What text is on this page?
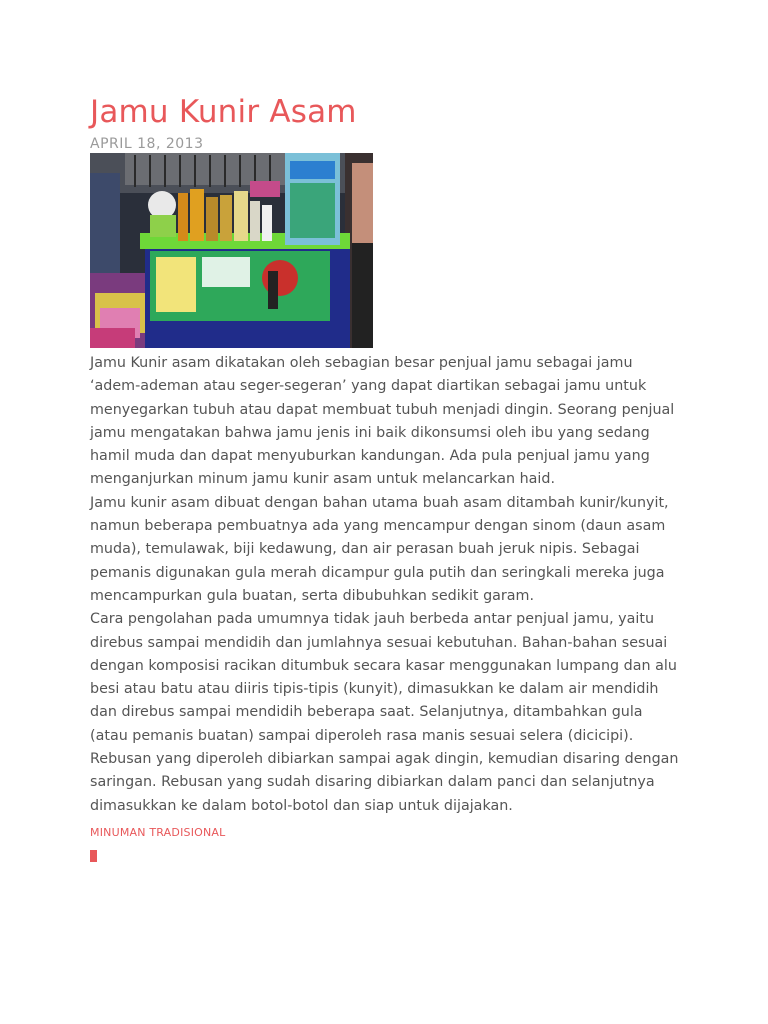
Jamu Kunir Asam
APRIL 18, 2013

Jamu Kunir asam dikatakan oleh sebagian besar penjual jamu sebagai jamu ‘adem-ademan atau seger-segeran’ yang dapat diartikan sebagai jamu untuk menyegarkan tubuh atau dapat membuat tubuh menjadi dingin. Seorang penjual jamu mengatakan bahwa jamu jenis ini baik dikonsumsi oleh ibu yang sedang hamil muda dan dapat menyuburkan kandungan. Ada pula penjual jamu yang menganjurkan minum jamu kunir asam untuk melancarkan haid.

Jamu kunir asam dibuat dengan bahan utama buah asam ditambah kunir/kunyit, namun beberapa pembuatnya ada yang mencampur dengan sinom (daun asam muda), temulawak, biji kedawung, dan air perasan buah jeruk nipis. Sebagai pemanis digunakan gula merah dicampur gula putih dan seringkali mereka juga mencampurkan gula buatan, serta dibubuhkan sedikit garam.

Cara pengolahan pada umumnya tidak jauh berbeda antar penjual jamu, yaitu direbus sampai mendidih dan jumlahnya sesuai kebutuhan. Bahan-bahan sesuai dengan komposisi racikan ditumbuk secara kasar menggunakan lumpang dan alu besi atau batu atau diiris tipis-tipis (kunyit), dimasukkan ke dalam air mendidih dan direbus sampai mendidih beberapa saat. Selanjutnya, ditambahkan gula (atau pemanis buatan) sampai diperoleh rasa manis sesuai selera (dicicipi). Rebusan yang diperoleh dibiarkan sampai agak dingin, kemudian disaring dengan saringan. Rebusan yang sudah disaring dibiarkan dalam panci dan selanjutnya dimasukkan ke dalam botol-botol dan siap untuk dijajakan.

MINUMAN TRADISIONAL
